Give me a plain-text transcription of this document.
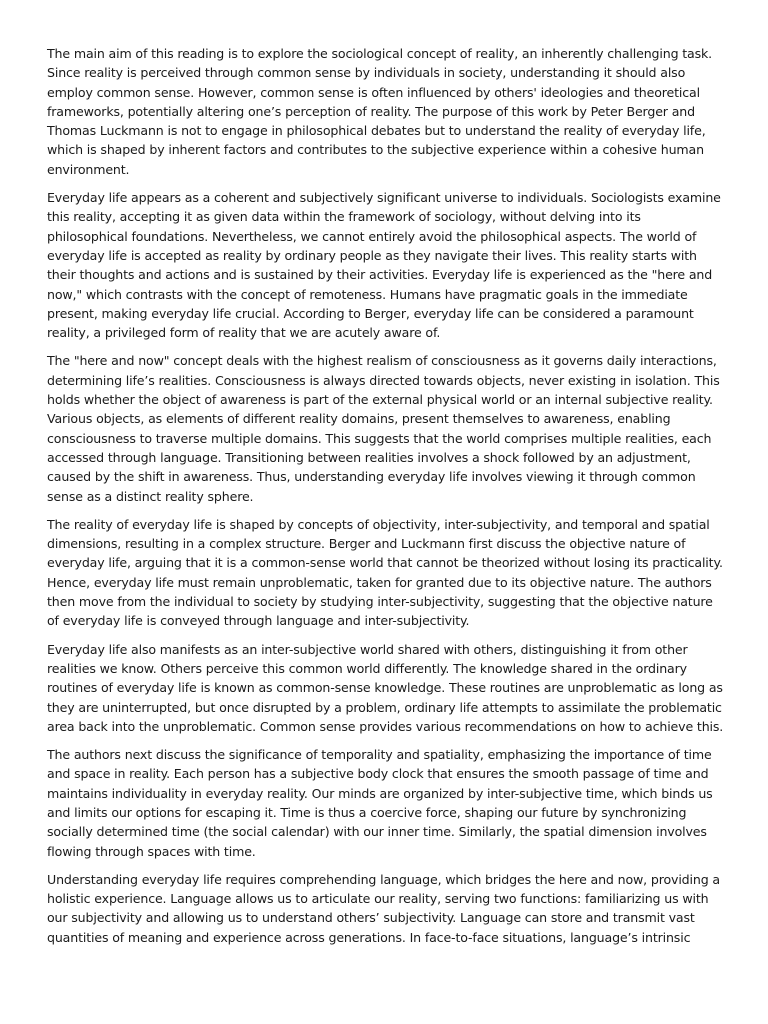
The main aim of this reading is to explore the sociological concept of reality, an inherently challenging task. Since reality is perceived through common sense by individuals in society, understanding it should also employ common sense. However, common sense is often influenced by others' ideologies and theoretical frameworks, potentially altering one’s perception of reality. The purpose of this work by Peter Berger and Thomas Luckmann is not to engage in philosophical debates but to understand the reality of everyday life, which is shaped by inherent factors and contributes to the subjective experience within a cohesive human environment.

Everyday life appears as a coherent and subjectively significant universe to individuals. Sociologists examine this reality, accepting it as given data within the framework of sociology, without delving into its philosophical foundations. Nevertheless, we cannot entirely avoid the philosophical aspects. The world of everyday life is accepted as reality by ordinary people as they navigate their lives. This reality starts with their thoughts and actions and is sustained by their activities. Everyday life is experienced as the "here and now," which contrasts with the concept of remoteness. Humans have pragmatic goals in the immediate present, making everyday life crucial. According to Berger, everyday life can be considered a paramount reality, a privileged form of reality that we are acutely aware of.

The "here and now" concept deals with the highest realism of consciousness as it governs daily interactions, determining life’s realities. Consciousness is always directed towards objects, never existing in isolation. This holds whether the object of awareness is part of the external physical world or an internal subjective reality. Various objects, as elements of different reality domains, present themselves to awareness, enabling consciousness to traverse multiple domains. This suggests that the world comprises multiple realities, each accessed through language. Transitioning between realities involves a shock followed by an adjustment, caused by the shift in awareness. Thus, understanding everyday life involves viewing it through common sense as a distinct reality sphere.

The reality of everyday life is shaped by concepts of objectivity, inter-subjectivity, and temporal and spatial dimensions, resulting in a complex structure. Berger and Luckmann first discuss the objective nature of everyday life, arguing that it is a common-sense world that cannot be theorized without losing its practicality. Hence, everyday life must remain unproblematic, taken for granted due to its objective nature. The authors then move from the individual to society by studying inter-subjectivity, suggesting that the objective nature of everyday life is conveyed through language and inter-subjectivity.

Everyday life also manifests as an inter-subjective world shared with others, distinguishing it from other realities we know. Others perceive this common world differently. The knowledge shared in the ordinary routines of everyday life is known as common-sense knowledge. These routines are unproblematic as long as they are uninterrupted, but once disrupted by a problem, ordinary life attempts to assimilate the problematic area back into the unproblematic. Common sense provides various recommendations on how to achieve this.

The authors next discuss the significance of temporality and spatiality, emphasizing the importance of time and space in reality. Each person has a subjective body clock that ensures the smooth passage of time and maintains individuality in everyday reality. Our minds are organized by inter-subjective time, which binds us and limits our options for escaping it. Time is thus a coercive force, shaping our future by synchronizing socially determined time (the social calendar) with our inner time. Similarly, the spatial dimension involves flowing through spaces with time.

Understanding everyday life requires comprehending language, which bridges the here and now, providing a holistic experience. Language allows us to articulate our reality, serving two functions: familiarizing us with our subjectivity and allowing us to understand others’ subjectivity. Language can store and transmit vast quantities of meaning and experience across generations. In face-to-face situations, language’s intrinsic
